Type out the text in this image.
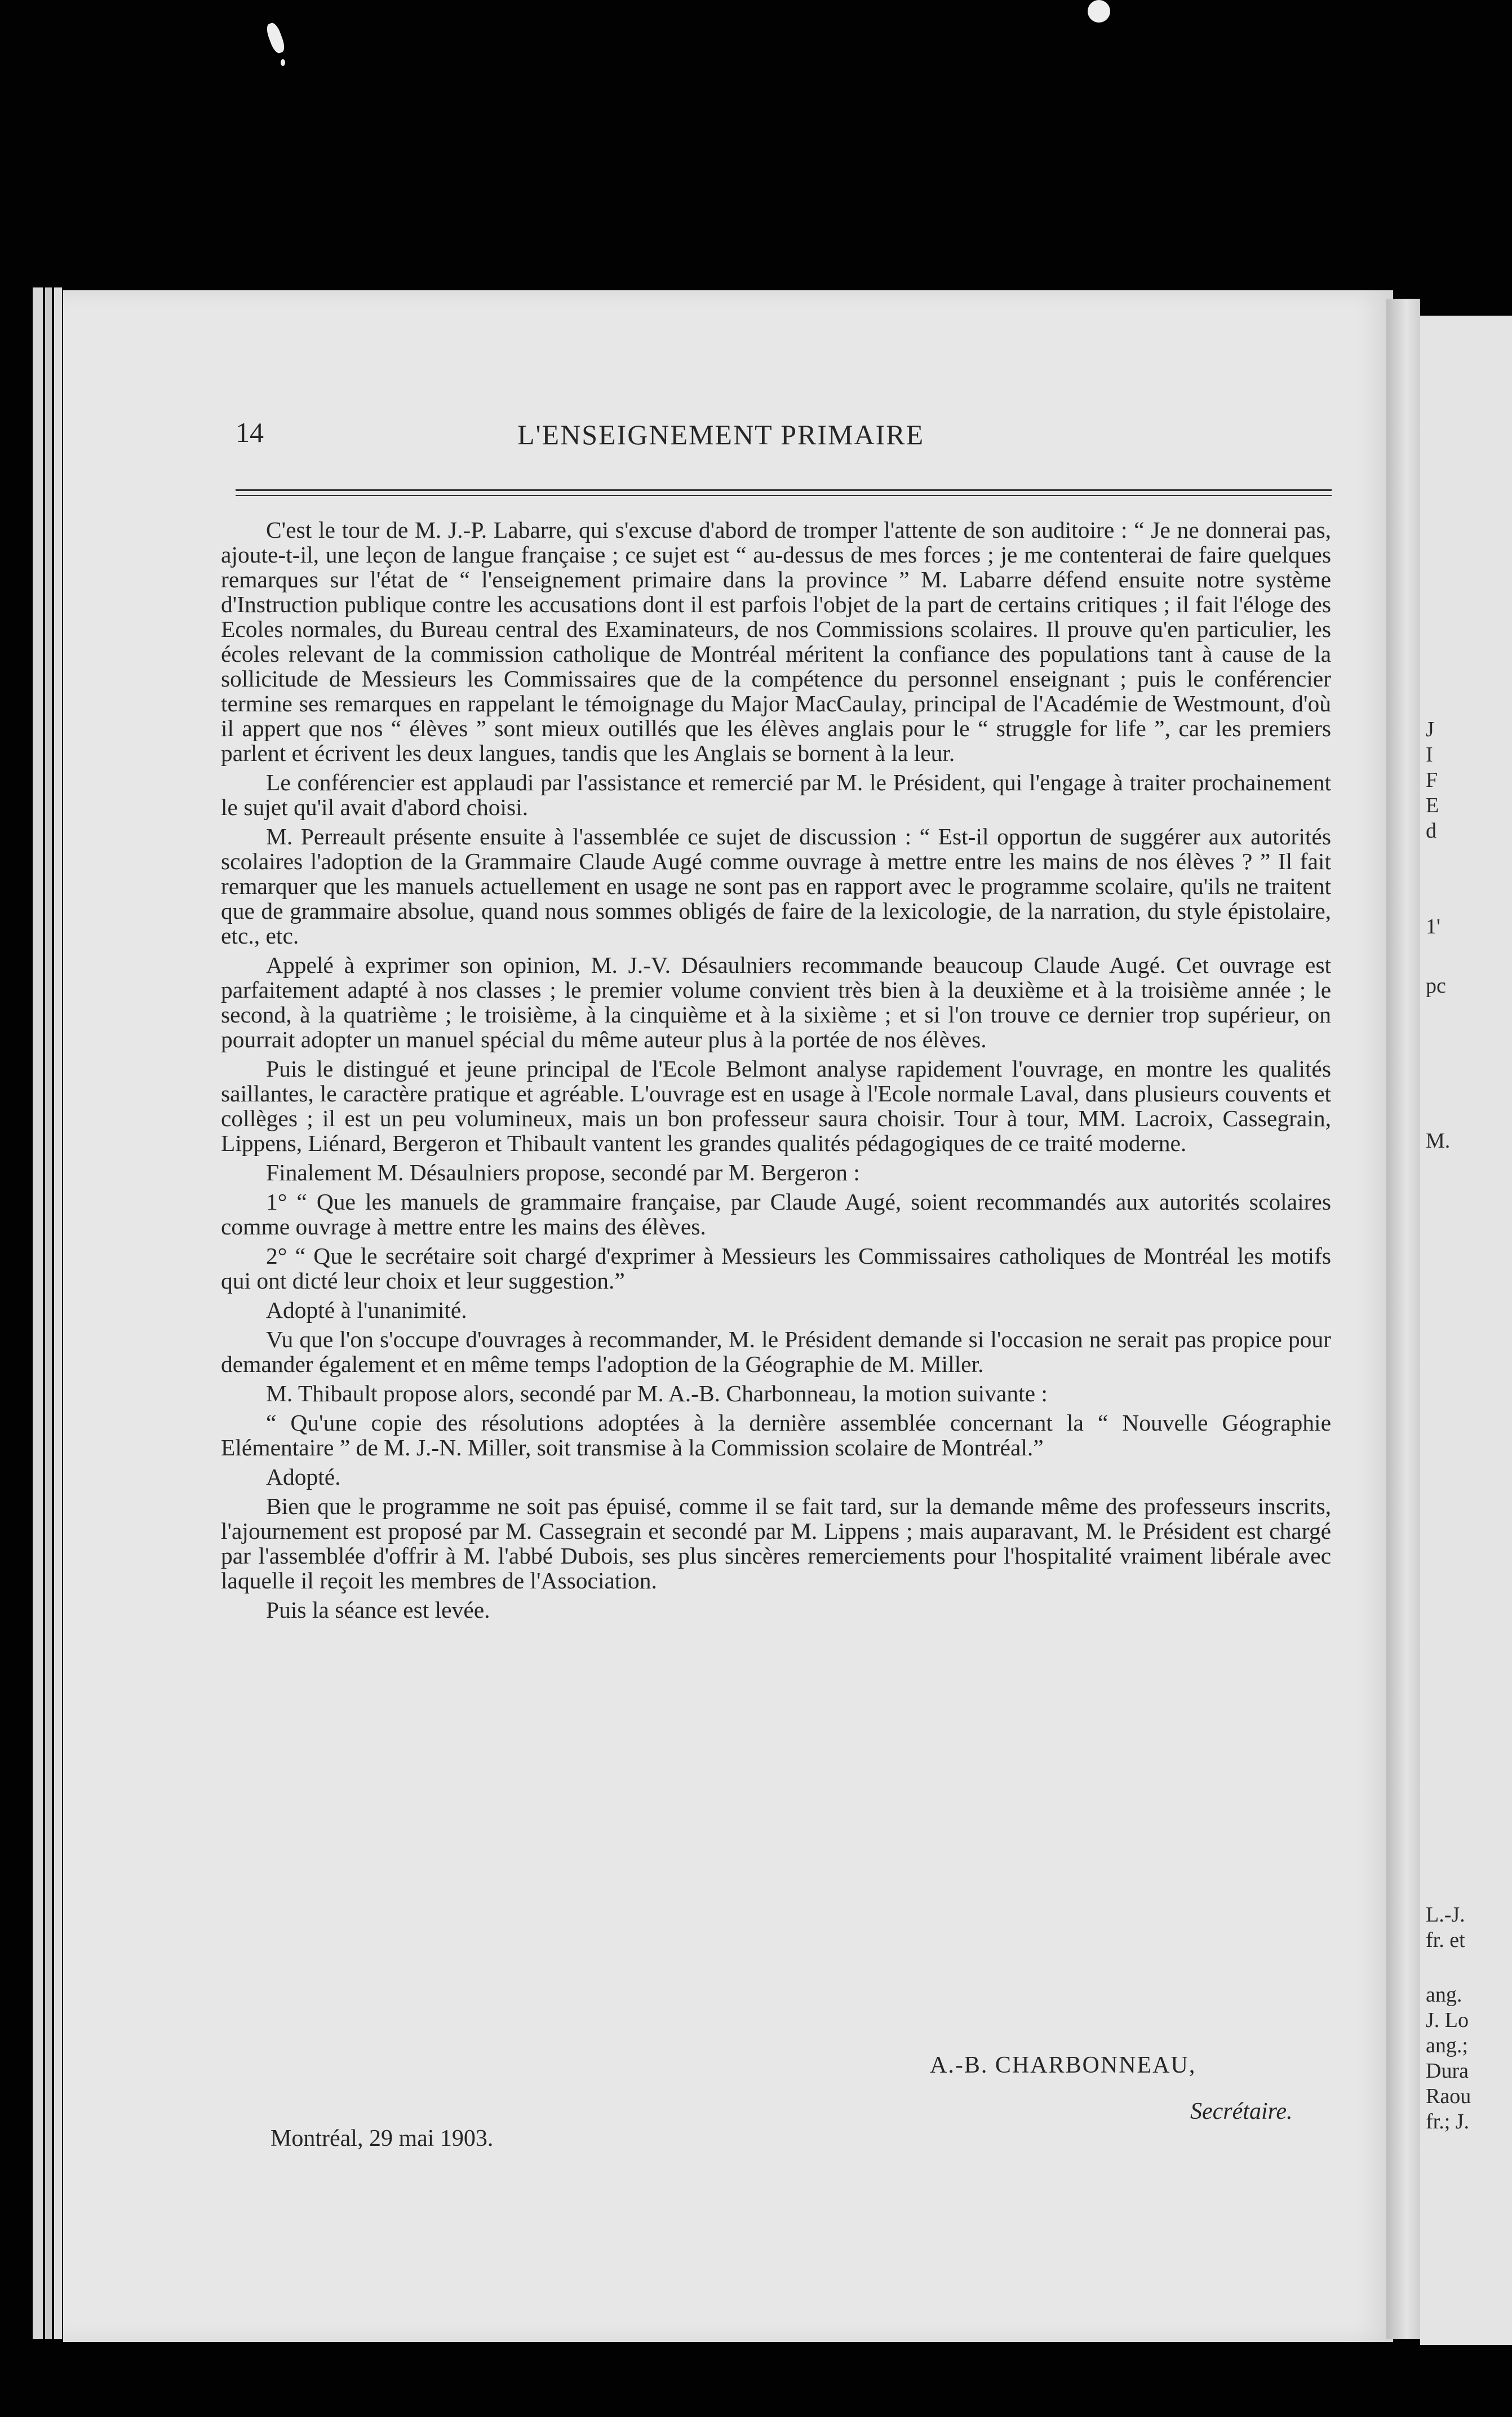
J
I
F
E
d
1'
pc
M.
L.-J.
fr. et
ang.
J. Lo
ang.;
Dura
Raou
fr.; J.
14	L'ENSEIGNEMENT PRIMAIRE

C'est le tour de M. J.-P. Labarre, qui s'excuse d'abord de tromper l'attente de son auditoire : “ Je ne donnerai pas, ajoute-t-il, une leçon de langue française ; ce sujet est “ au-dessus de mes forces ; je me contenterai de faire quelques remarques sur l'état de “ l'enseignement primaire dans la province ” M. Labarre défend ensuite notre système d'Instruction publique contre les accusations dont il est parfois l'objet de la part de certains critiques ; il fait l'éloge des Ecoles normales, du Bureau central des Examinateurs, de nos Commissions scolaires. Il prouve qu'en particulier, les écoles relevant de la commission catholique de Montréal méritent la confiance des populations tant à cause de la sollicitude de Messieurs les Commissaires que de la compétence du personnel enseignant ; puis le conférencier termine ses remarques en rappelant le témoignage du Major MacCaulay, principal de l'Académie de Westmount, d'où il appert que nos “ élèves ” sont mieux outillés que les élèves anglais pour le “ struggle for life ”, car les premiers parlent et écrivent les deux langues, tandis que les Anglais se bornent à la leur.

Le conférencier est applaudi par l'assistance et remercié par M. le Président, qui l'engage à traiter prochainement le sujet qu'il avait d'abord choisi.

M. Perreault présente ensuite à l'assemblée ce sujet de discussion : “ Est-il opportun de suggérer aux autorités scolaires l'adoption de la Grammaire Claude Augé comme ouvrage à mettre entre les mains de nos élèves ? ” Il fait remarquer que les manuels actuellement en usage ne sont pas en rapport avec le programme scolaire, qu'ils ne traitent que de grammaire absolue, quand nous sommes obligés de faire de la lexicologie, de la narration, du style épistolaire, etc., etc.

Appelé à exprimer son opinion, M. J.-V. Désaulniers recommande beaucoup Claude Augé. Cet ouvrage est parfaitement adapté à nos classes ; le premier volume convient très bien à la deuxième et à la troisième année ; le second, à la quatrième ; le troisième, à la cinquième et à la sixième ; et si l'on trouve ce dernier trop supérieur, on pourrait adopter un manuel spécial du même auteur plus à la portée de nos élèves.

Puis le distingué et jeune principal de l'Ecole Belmont analyse rapidement l'ouvrage, en montre les qualités saillantes, le caractère pratique et agréable. L'ouvrage est en usage à l'Ecole normale Laval, dans plusieurs couvents et collèges ; il est un peu volumineux, mais un bon professeur saura choisir. Tour à tour, MM. Lacroix, Cassegrain, Lippens, Liénard, Bergeron et Thibault vantent les grandes qualités pédagogiques de ce traité moderne.

Finalement M. Désaulniers propose, secondé par M. Bergeron :

1° “ Que les manuels de grammaire française, par Claude Augé, soient recommandés aux autorités scolaires comme ouvrage à mettre entre les mains des élèves.

2° “ Que le secrétaire soit chargé d'exprimer à Messieurs les Commissaires catholiques de Montréal les motifs qui ont dicté leur choix et leur suggestion.”

Adopté à l'unanimité.

Vu que l'on s'occupe d'ouvrages à recommander, M. le Président demande si l'occasion ne serait pas propice pour demander également et en même temps l'adoption de la Géographie de M. Miller.

M. Thibault propose alors, secondé par M. A.-B. Charbonneau, la motion suivante :

“ Qu'une copie des résolutions adoptées à la dernière assemblée concernant la “ Nouvelle Géographie Elémentaire ” de M. J.-N. Miller, soit transmise à la Commission scolaire de Montréal.”

Adopté.

Bien que le programme ne soit pas épuisé, comme il se fait tard, sur la demande même des professeurs inscrits, l'ajournement est proposé par M. Cassegrain et secondé par M. Lippens ; mais auparavant, M. le Président est chargé par l'assemblée d'offrir à M. l'abbé Dubois, ses plus sincères remerciements pour l'hospitalité vraiment libérale avec laquelle il reçoit les membres de l'Association.

Puis la séance est levée.

A.-B. CHARBONNEAU,
Secrétaire.
Montréal, 29 mai 1903.
